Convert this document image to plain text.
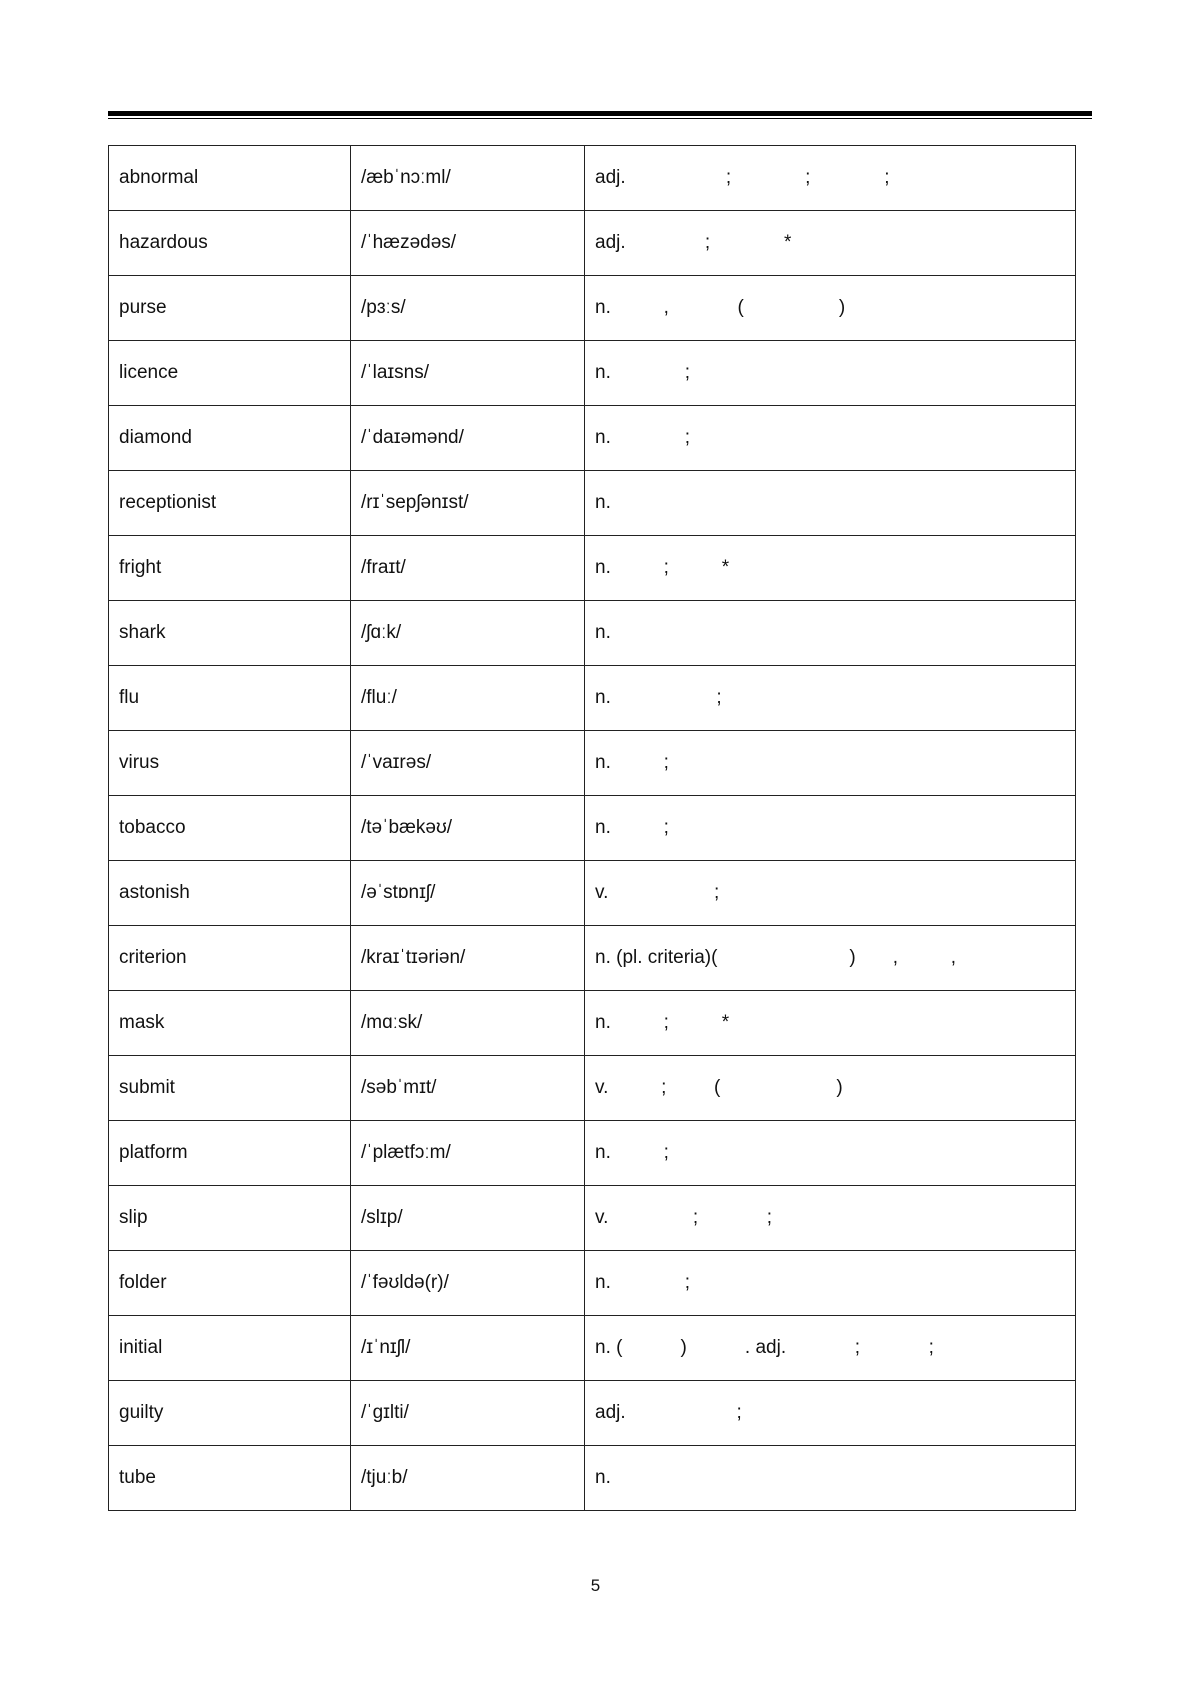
abnormal	/æbˈnɔːml/	adj.                   ;              ;              ;
hazardous	/ˈhæzədəs/	adj.               ;              *
purse	/pɜːs/	n.          ,             (                  )
licence	/ˈlaɪsns/	n.              ;
diamond	/ˈdaɪəmənd/	n.              ;
receptionist	/rɪˈsepʃənɪst/	n.
fright	/fraɪt/	n.          ;          *
shark	/ʃɑːk/	n.
flu	/fluː/	n.                    ;
virus	/ˈvaɪrəs/	n.          ;
tobacco	/təˈbækəʊ/	n.          ;
astonish	/əˈstɒnɪʃ/	v.                    ;
criterion	/kraɪˈtɪəriən/	n. (pl. criteria)(                         )       ,          ,
mask	/mɑːsk/	n.          ;          *
submit	/səbˈmɪt/	v.          ;         (                      )
platform	/ˈplætfɔːm/	n.          ;
slip	/slɪp/	v.                ;             ;
folder	/ˈfəʊldə(r)/	n.              ;
initial	/ɪˈnɪʃl/	n. (           )           . adj.             ;             ;
guilty	/ˈɡɪlti/	adj.                     ;
tube	/tjuːb/	n.
5
